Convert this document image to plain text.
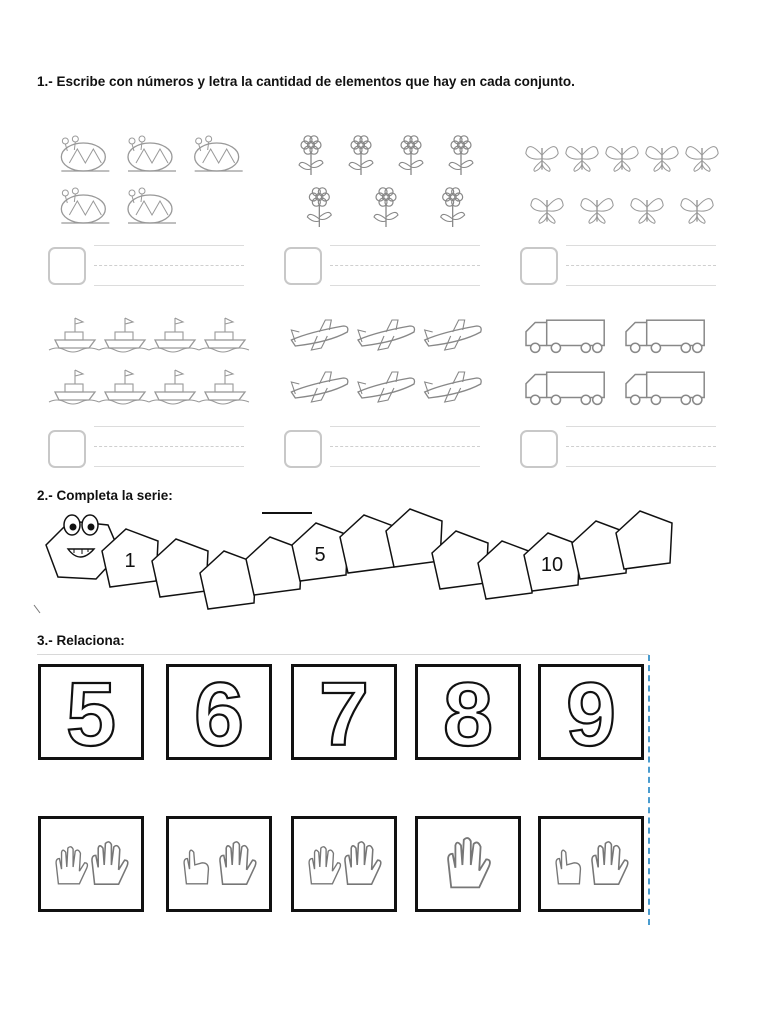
1.- Escribe con números y letra la cantidad de elementos que hay en cada conjunto.
2.- Completa la serie:
1	5	10
3.- Relaciona:
5 6 7 8 9
